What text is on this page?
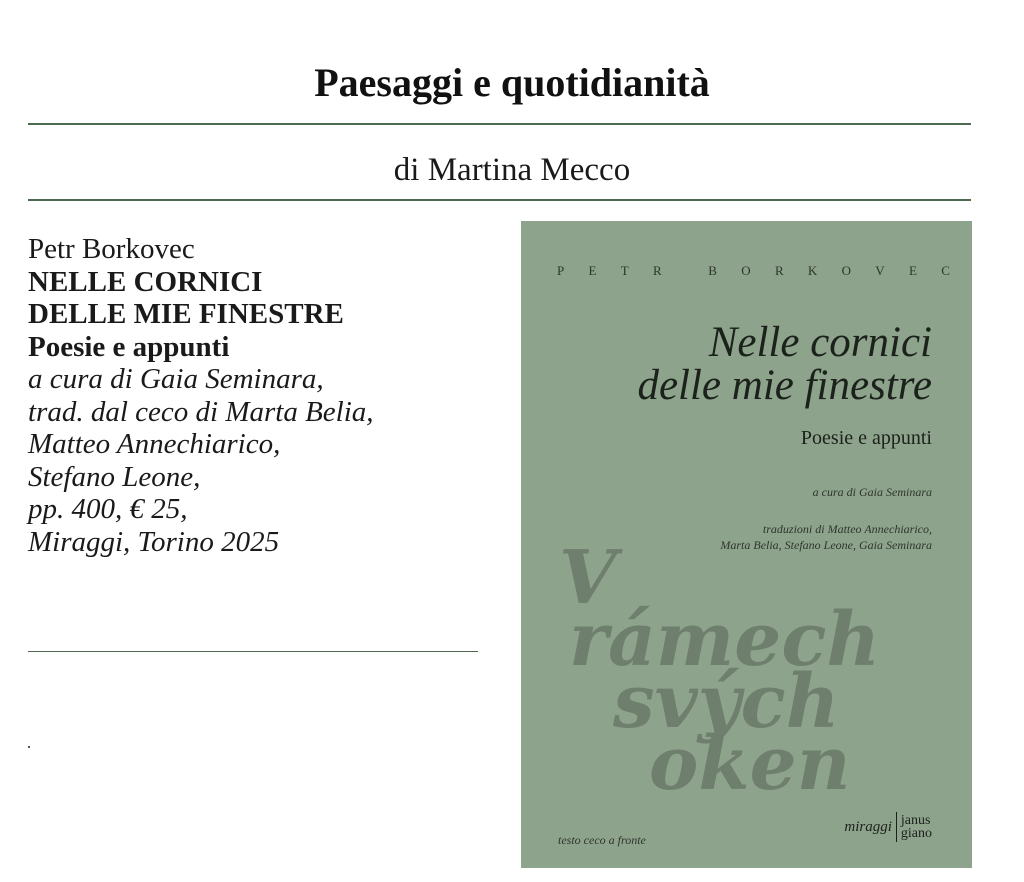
Paesaggi e quotidianità
di Martina Mecco
Petr Borkovec
NELLE CORNICI
DELLE MIE FINESTRE
Poesie e appunti
a cura di Gaia Seminara,
trad. dal ceco di Marta Belia,
Matteo Annechiarico,
Stefano Leone,
pp. 400, € 25,
Miraggi, Torino 2025
P E T R	B O R K O V E C
Nelle cornici
delle mie finestre
Poesie e appunti
a cura di Gaia Seminara
traduzioni di Matteo Annechiarico,
Marta Belia, Stefano Leone, Gaia Seminara
V
rámech
svých
oken
testo ceco a fronte
miraggi janus
giano
